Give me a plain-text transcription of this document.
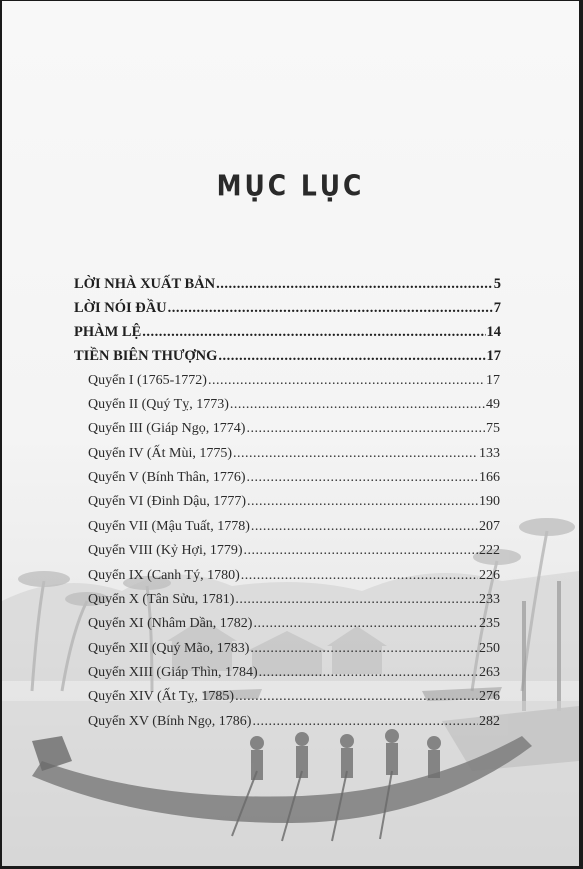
MỤC LỤC
LỜI NHÀ XUẤT BẢN .....	5
LỜI NÓI ĐẦU .....	7
PHÀM LỆ .....	14
TIỀN BIÊN THƯỢNG .....	17
Quyển I (1765-1772) .....	17
Quyển II (Quý Tỵ, 1773) .....	49
Quyển III (Giáp Ngọ, 1774) .....	75
Quyển IV (Ất Mùi, 1775) .....	133
Quyển V (Bính Thân, 1776) .....	166
Quyển VI (Đinh Dậu, 1777) .....	190
Quyển VII (Mậu Tuất, 1778) .....	207
Quyển VIII (Kỷ Hợi, 1779) .....	222
Quyển IX (Canh Tý, 1780) .....	226
Quyển X (Tân Sửu, 1781) .....	233
Quyển XI (Nhâm Dần, 1782) .....	235
Quyển XII (Quý Mão, 1783) .....	250
Quyển XIII (Giáp Thìn, 1784) .....	263
Quyển XIV (Ất Tỵ, 1785) .....	276
Quyển XV (Bính Ngọ, 1786) .....	282
